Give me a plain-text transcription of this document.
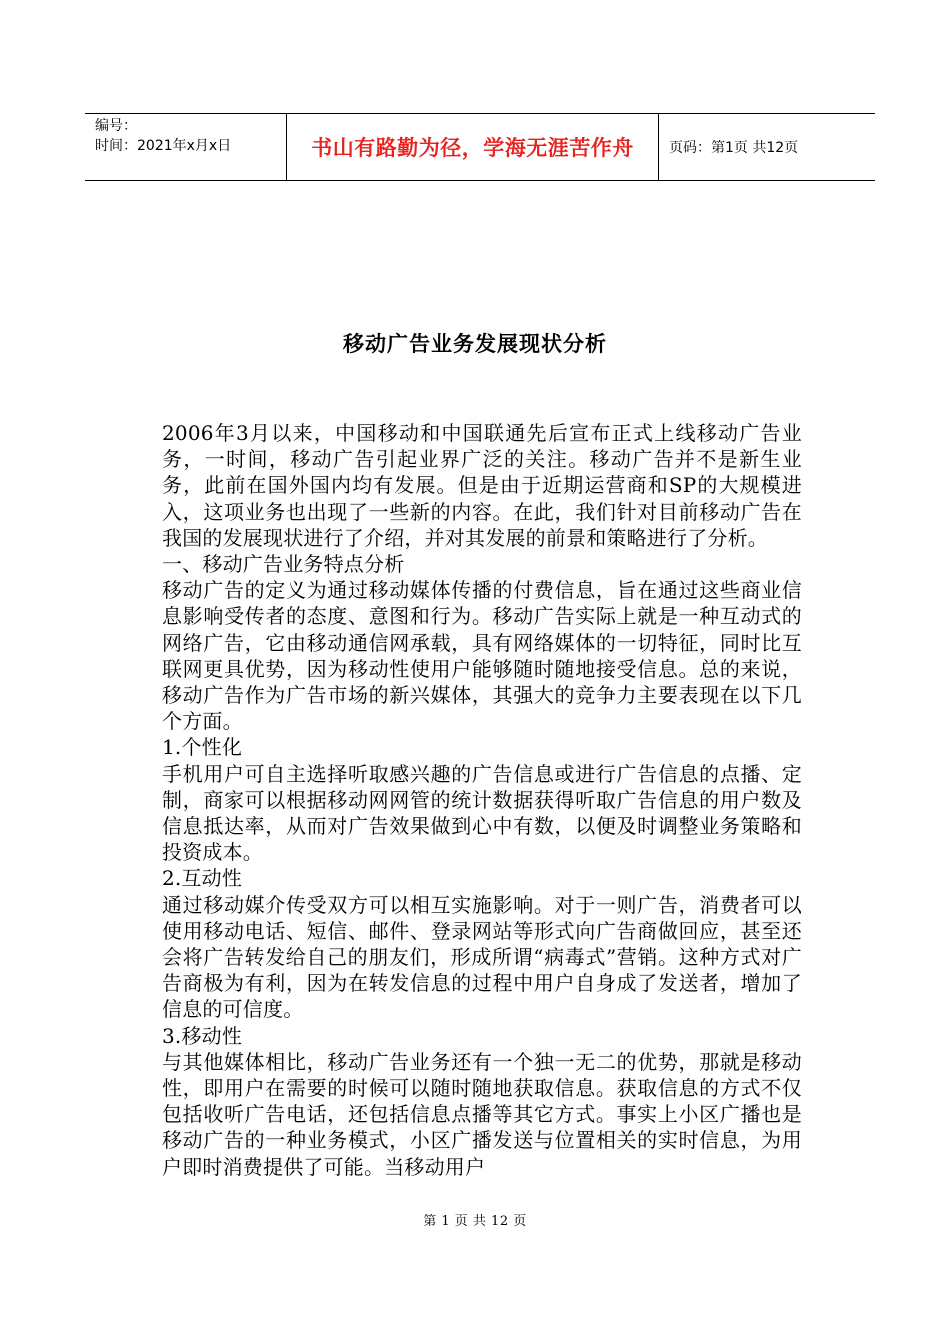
编号：
时间：2021年x月x日	书山有路勤为径，学海无涯苦作舟	页码：第1页 共12页
移动广告业务发展现状分析

2006年3月以来，中国移动和中国联通先后宣布正式上线移动广告业务，一时间，移动广告引起业界广泛的关注。移动广告并不是新生业务，此前在国外国内均有发展。但是由于近期运营商和SP的大规模进入，这项业务也出现了一些新的内容。在此，我们针对目前移动广告在我国的发展现状进行了介绍，并对其发展的前景和策略进行了分析。

一、移动广告业务特点分析

移动广告的定义为通过移动媒体传播的付费信息，旨在通过这些商业信息影响受传者的态度、意图和行为。移动广告实际上就是一种互动式的网络广告，它由移动通信网承载，具有网络媒体的一切特征，同时比互联网更具优势，因为移动性使用户能够随时随地接受信息。总的来说，移动广告作为广告市场的新兴媒体，其强大的竞争力主要表现在以下几个方面。

1.个性化

手机用户可自主选择听取感兴趣的广告信息或进行广告信息的点播、定制，商家可以根据移动网网管的统计数据获得听取广告信息的用户数及信息抵达率，从而对广告效果做到心中有数，以便及时调整业务策略和投资成本。

2.互动性

通过移动媒介传受双方可以相互实施影响。对于一则广告，消费者可以使用移动电话、短信、邮件、登录网站等形式向广告商做回应，甚至还会将广告转发给自己的朋友们，形成所谓“病毒式”营销。这种方式对广告商极为有利，因为在转发信息的过程中用户自身成了发送者，增加了信息的可信度。

3.移动性

与其他媒体相比，移动广告业务还有一个独一无二的优势，那就是移动性，即用户在需要的时候可以随时随地获取信息。获取信息的方式不仅包括收听广告电话，还包括信息点播等其它方式。事实上小区广播也是移动广告的一种业务模式，小区广播发送与位置相关的实时信息，为用户即时消费提供了可能。当移动用户

第 1 页 共 12 页
